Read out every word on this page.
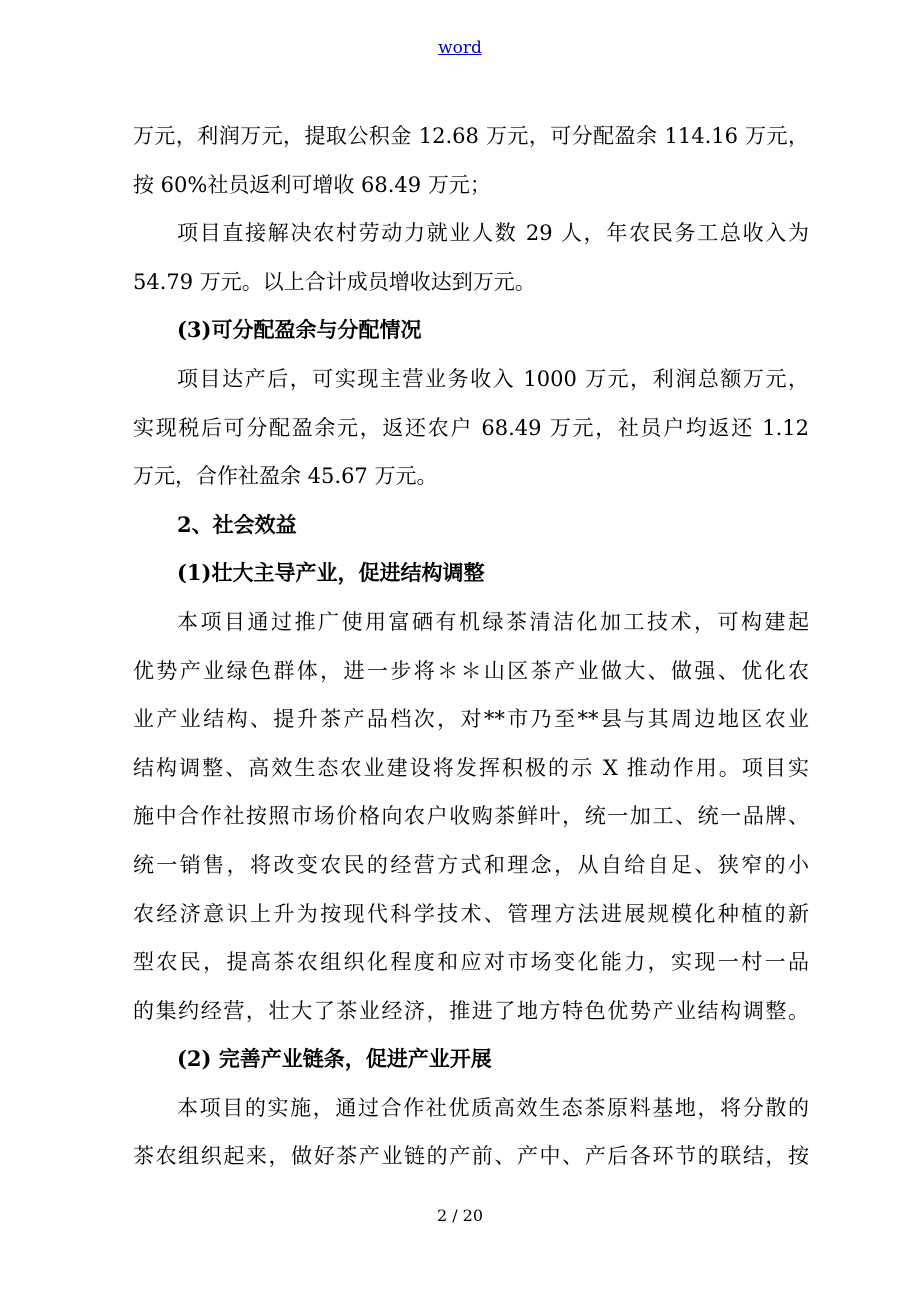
word
万元，利润万元，提取公积金 12.68 万元，可分配盈余 114.16 万元，
按 60%社员返利可增收 68.49 万元；
项目直接解决农村劳动力就业人数 29 人，年农民务工总收入为
54.79 万元。以上合计成员增收达到万元。
(3)可分配盈余与分配情况
项目达产后，可实现主营业务收入 1000 万元，利润总额万元，
实现税后可分配盈余元，返还农户 68.49 万元，社员户均返还 1.12
万元，合作社盈余 45.67 万元。
2、社会效益
(1)壮大主导产业，促进结构调整
本项目通过推广使用富硒有机绿茶清洁化加工技术，可构建起
优势产业绿色群体，进一步将＊＊山区茶产业做大、做强、优化农
业产业结构、提升茶产品档次，对**市乃至**县与其周边地区农业
结构调整、高效生态农业建设将发挥积极的示 X 推动作用。项目实
施中合作社按照市场价格向农户收购茶鲜叶，统一加工、统一品牌、
统一销售，将改变农民的经营方式和理念，从自给自足、狭窄的小
农经济意识上升为按现代科学技术、管理方法进展规模化种植的新
型农民，提高茶农组织化程度和应对市场变化能力，实现一村一品
的集约经营，壮大了茶业经济，推进了地方特色优势产业结构调整。
(2) 完善产业链条，促进产业开展
本项目的实施，通过合作社优质高效生态茶原料基地，将分散的
茶农组织起来，做好茶产业链的产前、产中、产后各环节的联结，按
2 / 20
